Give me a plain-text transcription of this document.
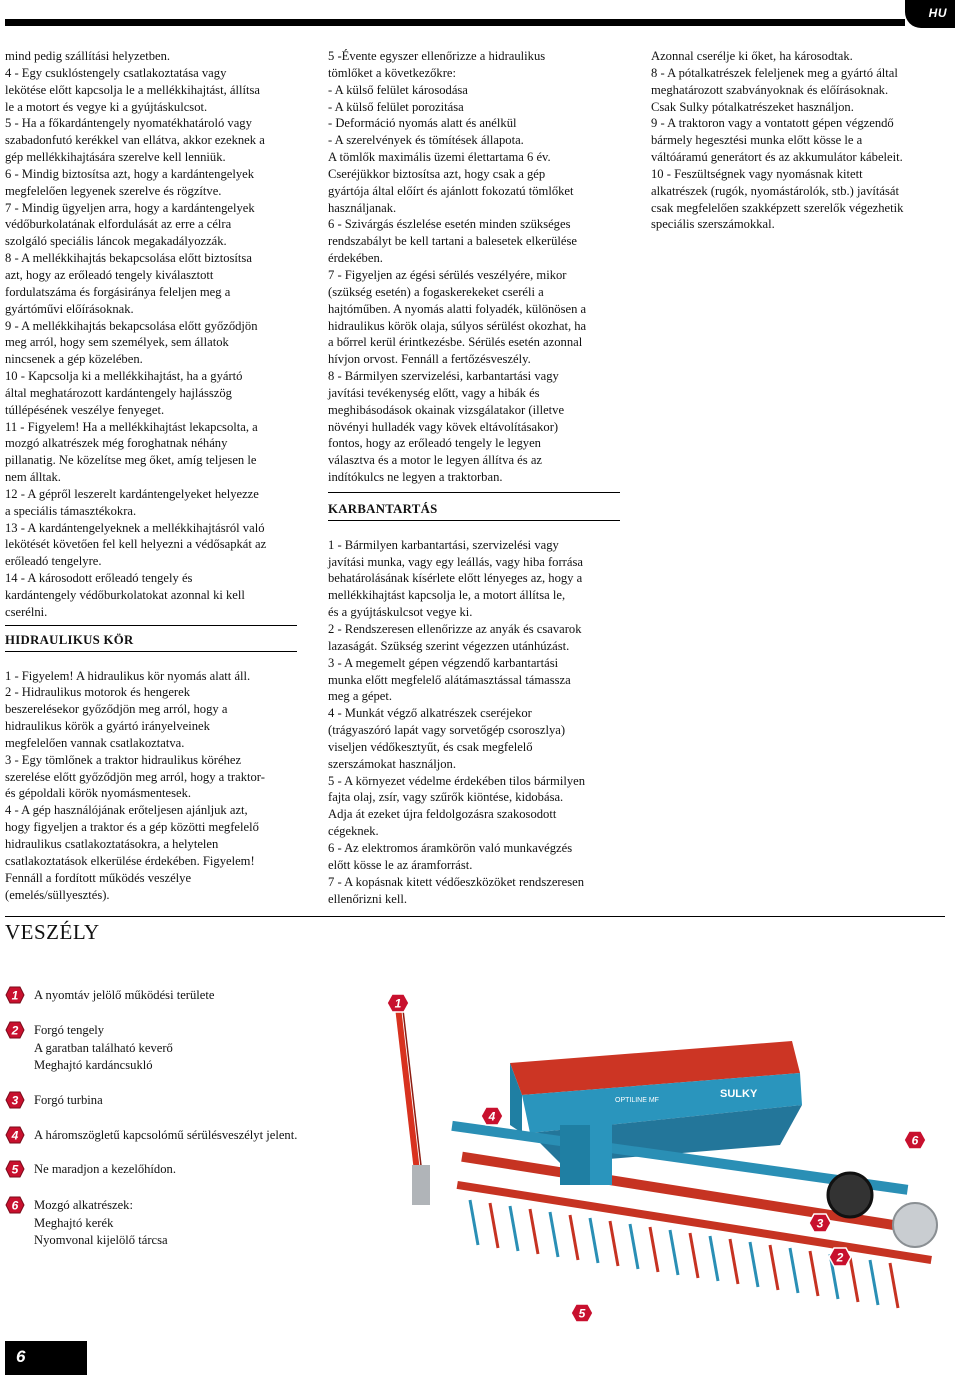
HU

mind pedig szállítási helyzetben.

4 - Egy csuklóstengely csatlakoztatása vagy

lekötése előtt kapcsolja le a mellékkihajtást, állítsa

le a motort és vegye ki a gyújtáskulcsot.

5 - Ha a főkardántengely nyomatékhatároló vagy

szabadonfutó kerékkel van ellátva, akkor ezeknek a

gép mellékkihajtására szerelve kell lenniük.

6 - Mindig biztosítsa azt, hogy a kardántengelyek

megfelelően legyenek szerelve és rögzítve.

7 - Mindig ügyeljen arra, hogy a kardántengelyek

védőburkolatának elfordulását az erre a célra

szolgáló speciális láncok megakadályozzák.

8 - A mellékkihajtás bekapcsolása előtt biztosítsa

azt, hogy az erőleadó tengely kiválasztott

fordulatszáma és forgásiránya feleljen meg a

gyártóművi előírásoknak.

9 - A mellékkihajtás bekapcsolása előtt győződjön

meg arról, hogy sem személyek, sem állatok

nincsenek a gép közelében.

10 - Kapcsolja ki a mellékkihajtást, ha a gyártó

által meghatározott kardántengely hajlásszög

túllépésének veszélye fenyeget.

11 - Figyelem! Ha a mellékkihajtást lekapcsolta, a

mozgó alkatrészek még foroghatnak néhány

pillanatig. Ne közelítse meg őket, amíg teljesen le

nem álltak.

12 - A gépről leszerelt kardántengelyeket helyezze

a speciális támasztékokra.

13 - A kardántengelyeknek a mellékkihajtásról való

lekötését követően fel kell helyezni a védősapkát az

erőleadó tengelyre.

14 - A károsodott erőleadó tengely és

kardántengely védőburkolatokat azonnal ki kell

cserélni.

HIDRAULIKUS KÖR

1 - Figyelem! A hidraulikus kör nyomás alatt áll.

2 - Hidraulikus motorok és hengerek

beszerelésekor győződjön meg arról, hogy a

hidraulikus körök a gyártó irányelveinek

megfelelően vannak csatlakoztatva.

3 - Egy tömlőnek a traktor hidraulikus köréhez

szerelése előtt győződjön meg arról, hogy a traktor-

és gépoldali körök nyomásmentesek.

4 - A gép használójának erőteljesen ajánljuk azt,

hogy figyeljen a traktor és a gép közötti megfelelő

hidraulikus csatlakoztatásokra, a helytelen

csatlakoztatások elkerülése érdekében. Figyelem!

Fennáll a fordított működés veszélye

(emelés/süllyesztés).

5 -Évente egyszer ellenőrizze a hidraulikus

tömlőket a következőkre:

- A külső felület károsodása

- A külső felület porozitása

- Deformáció nyomás alatt és anélkül

- A szerelvények és tömítések állapota.

A tömlők maximális üzemi élettartama 6 év.

Cseréjükkor biztosítsa azt, hogy csak a gép

gyártója által előírt és ajánlott fokozatú tömlőket

használjanak.

6 - Szivárgás észlelése esetén minden szükséges

rendszabályt be kell tartani a balesetek elkerülése

érdekében.

7 - Figyeljen az égési sérülés veszélyére, mikor

(szükség esetén) a fogaskerekeket cseréli a

hajtóműben. A nyomás alatti folyadék, különösen a

hidraulikus körök olaja, súlyos sérülést okozhat, ha

a bőrrel kerül érintkezésbe. Sérülés esetén azonnal

hívjon orvost. Fennáll a fertőzésveszély.

8 - Bármilyen szervizelési, karbantartási vagy

javítási tevékenység előtt, vagy a hibák és

meghibásodások okainak vizsgálatakor (illetve

növényi hulladék vagy kövek eltávolításakor)

fontos, hogy az erőleadó tengely le legyen

választva és a motor le legyen állítva és az

indítókulcs ne legyen a traktorban.

KARBANTARTÁS

1 - Bármilyen karbantartási, szervizelési vagy

javítási munka, vagy egy leállás, vagy hiba forrása

behatárolásának kísérlete előtt lényeges az, hogy a

mellékkihajtást kapcsolja le, a motort állítsa le,

és a gyújtáskulcsot vegye ki.

2 - Rendszeresen ellenőrizze az anyák és csavarok

lazaságát. Szükség szerint végezzen utánhúzást.

3 - A megemelt gépen végzendő karbantartási

munka előtt megfelelő alátámasztással támassza

meg a gépet.

4 - Munkát végző alkatrészek cseréjekor

(trágyaszóró lapát vagy sorvetőgép csoroszlya)

viseljen védőkesztyűt, és csak megfelelő

szerszámokat használjon.

5 - A környezet védelme érdekében tilos bármilyen

fajta olaj, zsír, vagy szűrők kiöntése, kidobása.

Adja át ezeket újra feldolgozásra szakosodott

cégeknek.

6 - Az elektromos áramkörön való munkavégzés

előtt kösse le az áramforrást.

7 - A kopásnak kitett védőeszközöket rendszeresen

ellenőrizni kell.

Azonnal cserélje ki őket, ha károsodtak.

8 - A pótalkatrészek feleljenek meg a gyártó által

meghatározott szabványoknak és előírásoknak.

Csak Sulky pótalkatrészeket használjon.

9 - A traktoron vagy a vontatott gépen végzendő

bármely hegesztési munka előtt kösse le a

váltóáramú generátort és az akkumulátor kábeleit.

10 - Feszültségnek vagy nyomásnak kitett

alkatrészek (rugók, nyomástárolók, stb.) javítását

csak megfelelően szakképzett szerelők végezhetik

speciális szerszámokkal.

VESZÉLY
1 A nyomtáv jelölő működési területe
2 Forgó tengely
A garatban található keverő
Meghajtó kardáncsukló
3 Forgó turbina
4 A háromszögletű kapcsolómű sérülésveszélyt jelent.
5 Ne maradjon a kezelőhídon.
6 Mozgó alkatrészek:
Meghajtó kerék
Nyomvonal kijelölő tárcsa
OPTILINE MF
SULKY
1
2
3
4
5
6
6
